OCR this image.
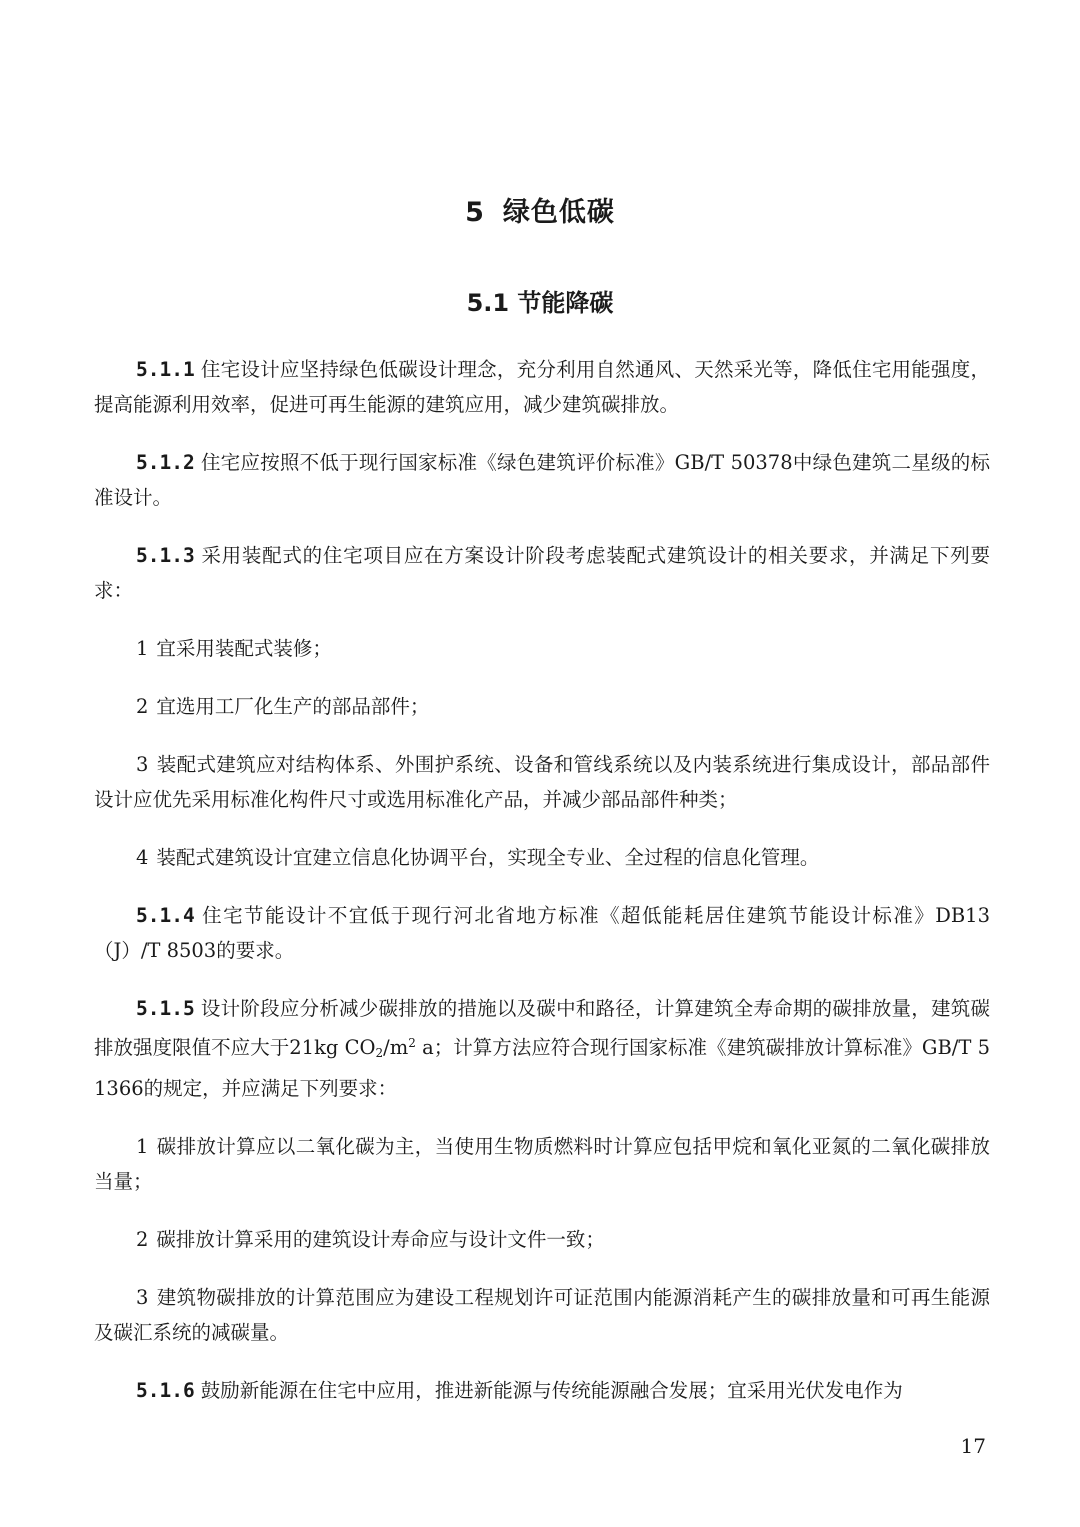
5 绿色低碳
5.1 节能降碳

5.1.1 住宅设计应坚持绿色低碳设计理念，充分利用自然通风、天然采光等，降低住宅用能强度，提高能源利用效率，促进可再生能源的建筑应用，减少建筑碳排放。

5.1.2 住宅应按照不低于现行国家标准《绿色建筑评价标准》GB/T 50378中绿色建筑二星级的标准设计。

5.1.3 采用装配式的住宅项目应在方案设计阶段考虑装配式建筑设计的相关要求，并满足下列要求：

1 宜采用装配式装修；

2 宜选用工厂化生产的部品部件；

3 装配式建筑应对结构体系、外围护系统、设备和管线系统以及内装系统进行集成设计，部品部件设计应优先采用标准化构件尺寸或选用标准化产品，并减少部品部件种类；

4 装配式建筑设计宜建立信息化协调平台，实现全专业、全过程的信息化管理。

5.1.4 住宅节能设计不宜低于现行河北省地方标准《超低能耗居住建筑节能设计标准》DB13（J）/T 8503的要求。

5.1.5 设计阶段应分析减少碳排放的措施以及碳中和路径，计算建筑全寿命期的碳排放量，建筑碳排放强度限值不应大于21kg $CO_2/m^2$ a；计算方法应符合现行国家标准《建筑碳排放计算标准》GB/T 51366的规定，并应满足下列要求：

1 碳排放计算应以二氧化碳为主，当使用生物质燃料时计算应包括甲烷和氧化亚氮的二氧化碳排放当量；

2 碳排放计算采用的建筑设计寿命应与设计文件一致；

3 建筑物碳排放的计算范围应为建设工程规划许可证范围内能源消耗产生的碳排放量和可再生能源及碳汇系统的减碳量。

5.1.6 鼓励新能源在住宅中应用，推进新能源与传统能源融合发展；宜采用光伏发电作为

17
